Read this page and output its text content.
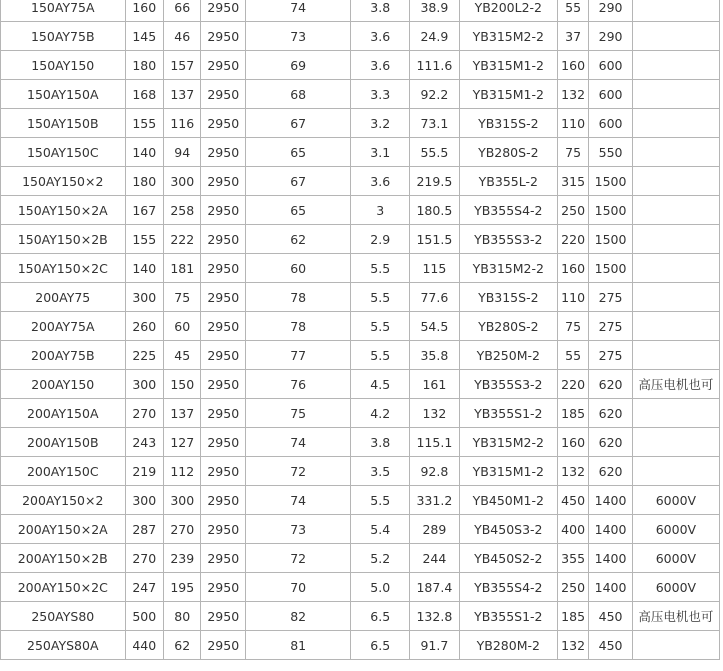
150AY75A	160	66	2950	74	3.8	38.9	YB200L2-2	55	290	
150AY75B	145	46	2950	73	3.6	24.9	YB315M2-2	37	290	
150AY150	180	157	2950	69	3.6	111.6	YB315M1-2	160	600	
150AY150A	168	137	2950	68	3.3	92.2	YB315M1-2	132	600	
150AY150B	155	116	2950	67	3.2	73.1	YB315S-2	110	600	
150AY150C	140	94	2950	65	3.1	55.5	YB280S-2	75	550	
150AY150×2	180	300	2950	67	3.6	219.5	YB355L-2	315	1500	
150AY150×2A	167	258	2950	65	3	180.5	YB355S4-2	250	1500	
150AY150×2B	155	222	2950	62	2.9	151.5	YB355S3-2	220	1500	
150AY150×2C	140	181	2950	60	5.5	115	YB315M2-2	160	1500	
200AY75	300	75	2950	78	5.5	77.6	YB315S-2	110	275	
200AY75A	260	60	2950	78	5.5	54.5	YB280S-2	75	275	
200AY75B	225	45	2950	77	5.5	35.8	YB250M-2	55	275	
200AY150	300	150	2950	76	4.5	161	YB355S3-2	220	620	高压电机也可
200AY150A	270	137	2950	75	4.2	132	YB355S1-2	185	620	
200AY150B	243	127	2950	74	3.8	115.1	YB315M2-2	160	620	
200AY150C	219	112	2950	72	3.5	92.8	YB315M1-2	132	620	
200AY150×2	300	300	2950	74	5.5	331.2	YB450M1-2	450	1400	6000V
200AY150×2A	287	270	2950	73	5.4	289	YB450S3-2	400	1400	6000V
200AY150×2B	270	239	2950	72	5.2	244	YB450S2-2	355	1400	6000V
200AY150×2C	247	195	2950	70	5.0	187.4	YB355S4-2	250	1400	6000V
250AYS80	500	80	2950	82	6.5	132.8	YB355S1-2	185	450	高压电机也可
250AYS80A	440	62	2950	81	6.5	91.7	YB280M-2	132	450	
